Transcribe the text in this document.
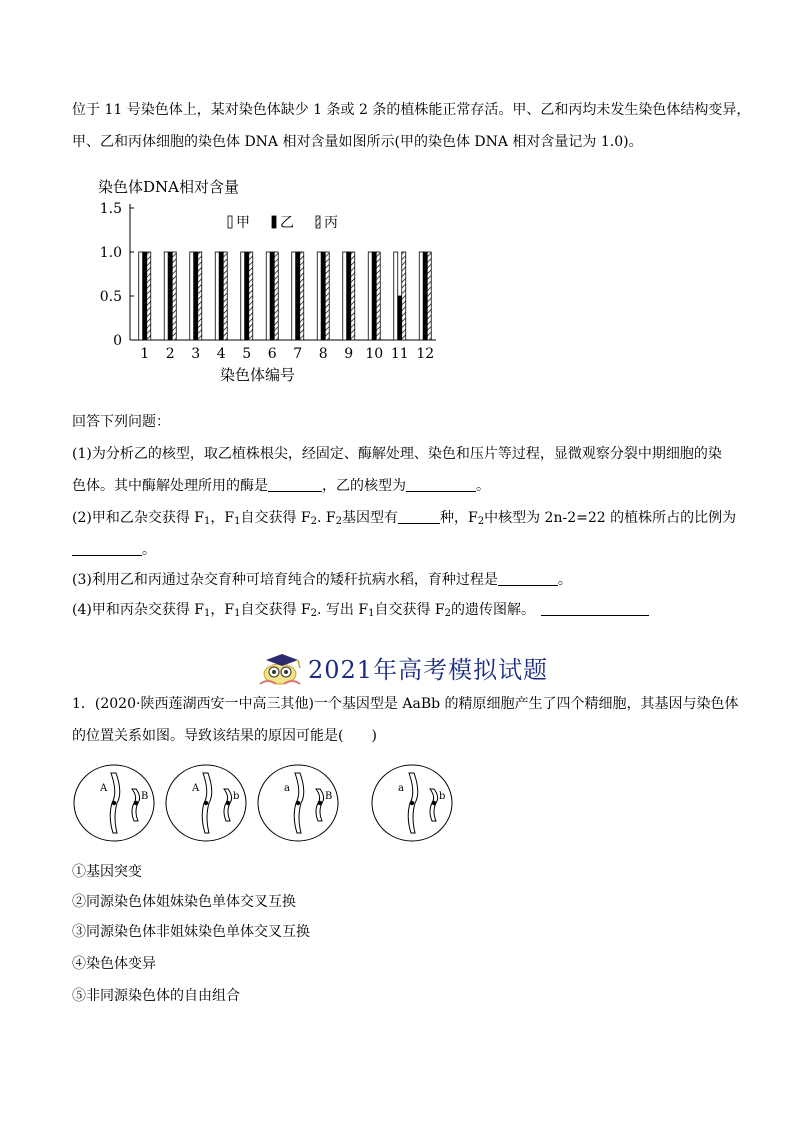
位于 11 号染色体上，某对染色体缺少 1 条或 2 条的植株能正常存活。甲、乙和丙均未发生染色体结构变异，
甲、乙和丙体细胞的染色体 DNA 相对含量如图所示(甲的染色体 DNA 相对含量记为 1.0)。
染色体DNA相对含量
0
0.5
1.0
1.5
1 2 3 4 5 6 7 8 9 10 11 12
甲 乙 丙
染色体编号
回答下列问题：
(1)为分析乙的核型，取乙植株根尖，经固定、酶解处理、染色和压片等过程，显微观察分裂中期细胞的染
色体。其中酶解处理所用的酶是	，乙的核型为	。
(2)甲和乙杂交获得 $F_1$，$F_1$自交获得 $F_2$. $F_2$基因型有	种，$F_2$中核型为 2n-2=22 的植株所占的比例为
。
(3)利用乙和丙通过杂交育种可培育纯合的矮秆抗病水稻，育种过程是	。
(4)甲和丙杂交获得 $F_1$，$F_1$自交获得 $F_2$. 写出 $F_1$自交获得 $F_2$的遗传图解。
2021年高考模拟试题
1．(2020·陕西莲湖西安一中高三其他)一个基因型是 AaBb 的精原细胞产生了四个精细胞，其基因与染色体
的位置关系如图。导致该结果的原因可能是(　　)
A
B
A
b
a
B
a
b
①基因突变
②同源染色体姐妹染色单体交叉互换
③同源染色体非姐妹染色单体交叉互换
④染色体变异
⑤非同源染色体的自由组合
